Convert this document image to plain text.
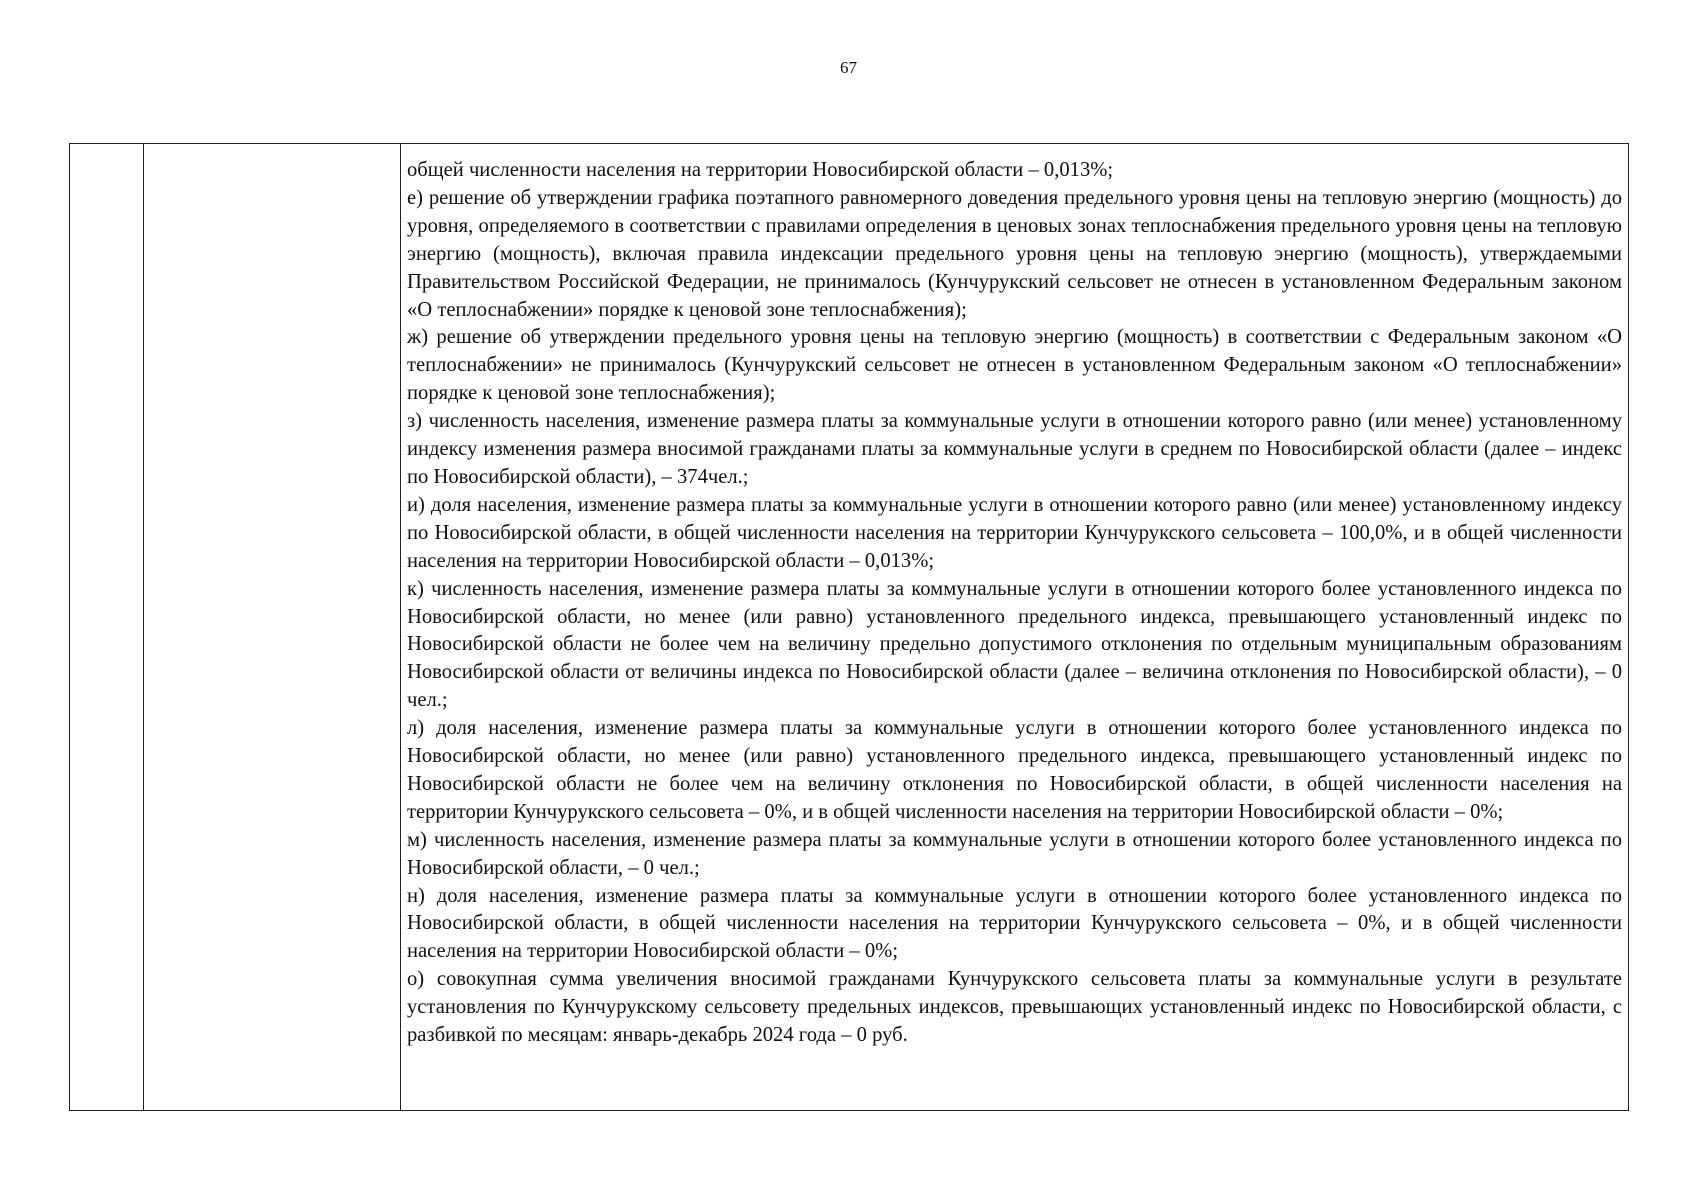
67

общей численности населения на территории Новосибирской области – 0,013%;

е) решение об утверждении графика поэтапного равномерного доведения предельного уровня цены на тепловую энергию (мощность) до уровня, определяемого в соответствии с правилами определения в ценовых зонах теплоснабжения предельного уровня цены на тепловую энергию (мощность), включая правила индексации предельного уровня цены на тепловую энергию (мощность), утверждаемыми Правительством Российской Федерации, не принималось (Кунчурукский сельсовет не отнесен в установленном Федеральным законом «О теплоснабжении» порядке к ценовой зоне теплоснабжения);

ж) решение об утверждении предельного уровня цены на тепловую энергию (мощность) в соответствии с Федеральным законом «О теплоснабжении» не принималось (Кунчурукский сельсовет не отнесен в установленном Федеральным законом «О теплоснабжении» порядке к ценовой зоне теплоснабжения);

з) численность населения, изменение размера платы за коммунальные услуги в отношении которого равно (или менее) установленному индексу изменения размера вносимой гражданами платы за коммунальные услуги в среднем по Новосибирской области (далее – индекс по Новосибирской области), – 374чел.;

и) доля населения, изменение размера платы за коммунальные услуги в отношении которого равно (или менее) установленному индексу по Новосибирской области, в общей численности населения на территории Кунчурукского сельсовета – 100,0%, и в общей численности населения на территории Новосибирской области – 0,013%;

к) численность населения, изменение размера платы за коммунальные услуги в отношении которого более установленного индекса по Новосибирской области, но менее (или равно) установленного предельного индекса, превышающего установленный индекс по Новосибирской области не более чем на величину предельно допустимого отклонения по отдельным муниципальным образованиям Новосибирской области от величины индекса по Новосибирской области (далее – величина отклонения по Новосибирской области), – 0 чел.;

л) доля населения, изменение размера платы за коммунальные услуги в отношении которого более установленного индекса по Новосибирской области, но менее (или равно) установленного предельного индекса, превышающего установленный индекс по Новосибирской области не более чем на величину отклонения по Новосибирской области, в общей численности населения на территории Кунчурукского сельсовета – 0%, и в общей численности населения на территории Новосибирской области – 0%;

м) численность населения, изменение размера платы за коммунальные услуги в отношении которого более установленного индекса по Новосибирской области, – 0 чел.;

н) доля населения, изменение размера платы за коммунальные услуги в отношении которого более установленного индекса по Новосибирской области, в общей численности населения на территории Кунчурукского сельсовета – 0%, и в общей численности населения на территории Новосибирской области – 0%;

о) совокупная сумма увеличения вносимой гражданами Кунчурукского сельсовета платы за коммунальные услуги в результате установления по Кунчурукскому сельсовету предельных индексов, превышающих установленный индекс по Новосибирской области, с разбивкой по месяцам: январь-декабрь 2024 года – 0 руб.
